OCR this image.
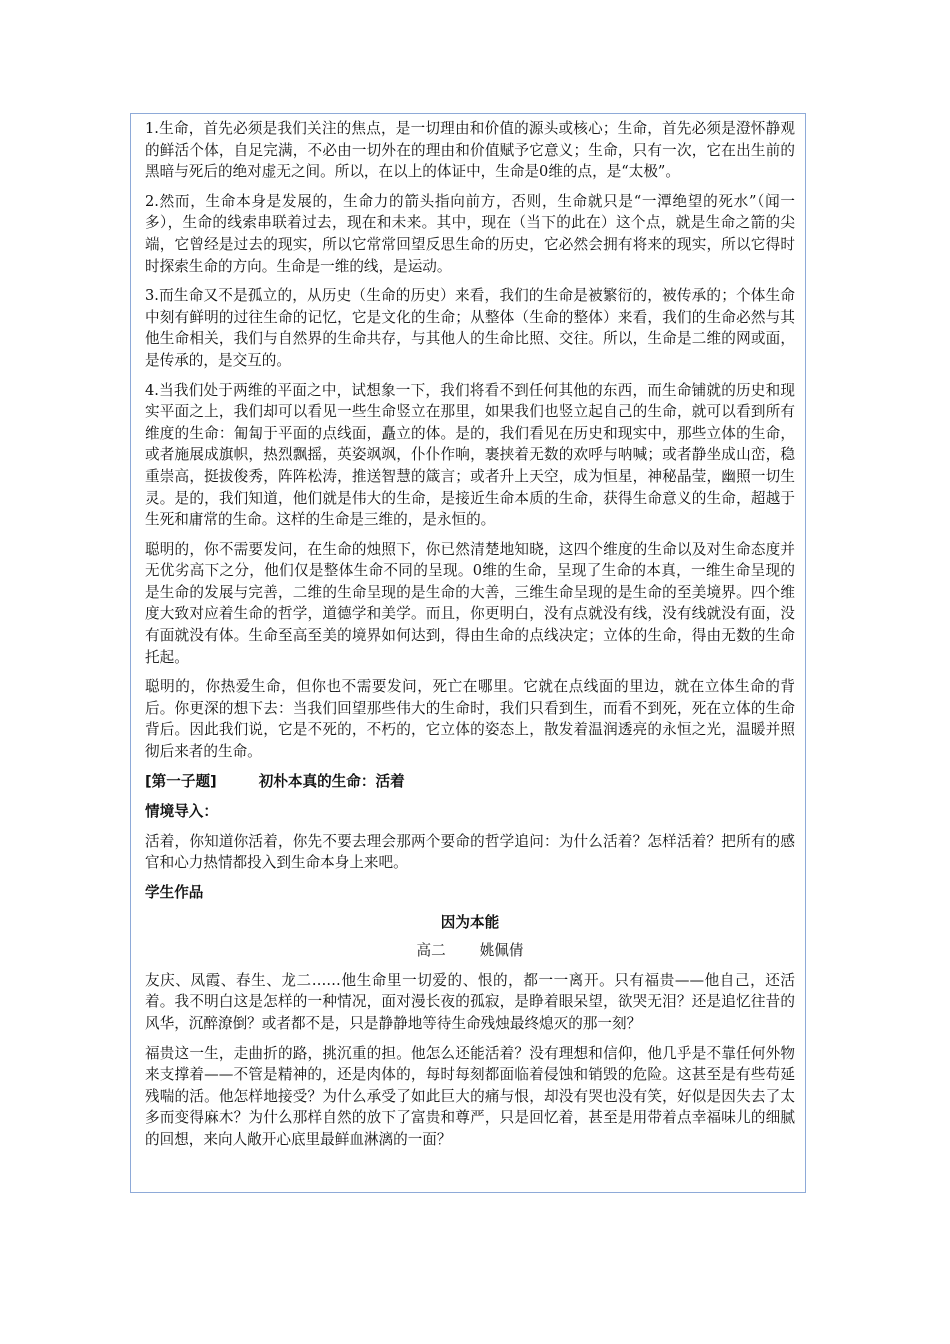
1.生命，首先必须是我们关注的焦点，是一切理由和价值的源头或核心；生命，首先必须是澄怀静观的鲜活个体，自足完满，不必由一切外在的理由和价值赋予它意义；生命，只有一次，它在出生前的黑暗与死后的绝对虚无之间。所以，在以上的体证中，生命是0维的点，是“太极”。

2.然而，生命本身是发展的，生命力的箭头指向前方，否则，生命就只是“一潭绝望的死水”（闻一多），生命的线索串联着过去，现在和未来。其中，现在（当下的此在）这个点，就是生命之箭的尖端，它曾经是过去的现实，所以它常常回望反思生命的历史，它必然会拥有将来的现实，所以它得时时探索生命的方向。生命是一维的线，是运动。

3.而生命又不是孤立的，从历史（生命的历史）来看，我们的生命是被繁衍的，被传承的；个体生命中刻有鲜明的过往生命的记忆，它是文化的生命；从整体（生命的整体）来看，我们的生命必然与其他生命相关，我们与自然界的生命共存，与其他人的生命比照、交往。所以，生命是二维的网或面，是传承的，是交互的。

4.当我们处于两维的平面之中，试想象一下，我们将看不到任何其他的东西，而生命铺就的历史和现实平面之上，我们却可以看见一些生命竖立在那里，如果我们也竖立起自己的生命，就可以看到所有维度的生命：匍匐于平面的点线面，矗立的体。是的，我们看见在历史和现实中，那些立体的生命，或者施展成旗帜，热烈飘摇，英姿飒飒，仆仆作响，裹挟着无数的欢呼与呐喊；或者静坐成山峦，稳重崇高，挺拔俊秀，阵阵松涛，推送智慧的箴言；或者升上天空，成为恒星，神秘晶莹，幽照一切生灵。是的，我们知道，他们就是伟大的生命，是接近生命本质的生命，获得生命意义的生命，超越于生死和庸常的生命。这样的生命是三维的，是永恒的。

聪明的，你不需要发问，在生命的烛照下，你已然清楚地知晓，这四个维度的生命以及对生命态度并无优劣高下之分，他们仅是整体生命不同的呈现。0维的生命，呈现了生命的本真，一维生命呈现的是生命的发展与完善，二维的生命呈现的是生命的大善，三维生命呈现的是生命的至美境界。四个维度大致对应着生命的哲学，道德学和美学。而且，你更明白，没有点就没有线，没有线就没有面，没有面就没有体。生命至高至美的境界如何达到，得由生命的点线决定；立体的生命，得由无数的生命托起。

聪明的，你热爱生命，但你也不需要发问，死亡在哪里。它就在点线面的里边，就在立体生命的背后。你更深的想下去：当我们回望那些伟大的生命时，我们只看到生，而看不到死，死在立体的生命背后。因此我们说，它是不死的，不朽的，它立体的姿态上，散发着温润透亮的永恒之光，温暖并照彻后来者的生命。

[第一子题]	初朴本真的生命：活着
情境导入：

活着，你知道你活着，你先不要去理会那两个要命的哲学追问：为什么活着？怎样活着？把所有的感官和心力热情都投入到生命本身上来吧。

学生作品
因为本能
高二 姚佩倩

友庆、凤霞、春生、龙二……他生命里一切爱的、恨的，都一一离开。只有福贵——他自己，还活着。我不明白这是怎样的一种情况，面对漫长夜的孤寂，是睁着眼呆望，欲哭无泪？还是追忆往昔的风华，沉醉潦倒？或者都不是，只是静静地等待生命残烛最终熄灭的那一刻？

福贵这一生，走曲折的路，挑沉重的担。他怎么还能活着？没有理想和信仰，他几乎是不靠任何外物来支撑着——不管是精神的，还是肉体的，每时每刻都面临着侵蚀和销毁的危险。这甚至是有些苟延残喘的活。他怎样地接受？为什么承受了如此巨大的痛与恨，却没有哭也没有笑，好似是因失去了太多而变得麻木？为什么那样自然的放下了富贵和尊严，只是回忆着，甚至是用带着点幸福味儿的细腻的回想，来向人敞开心底里最鲜血淋漓的一面？
